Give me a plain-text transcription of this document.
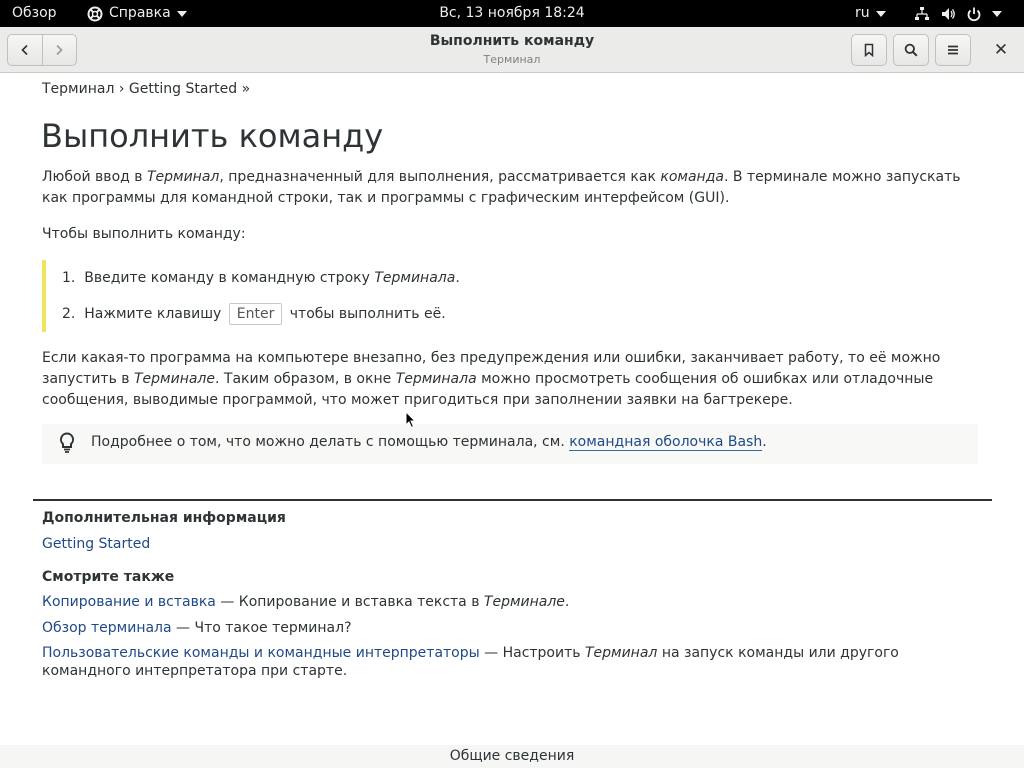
Обзор	Справка	Вс, 13 ноября 18:24	ru
Выполнить команду
Терминал	✕
Терминал › Getting Started »
Выполнить команду

Любой ввод в Терминал, предназначенный для выполнения, рассматривается как команда. В терминале можно запускать как программы для командной строки, так и программы с графическим интерфейсом (GUI).

Чтобы выполнить команду:

1. Введите команду в командную строку Терминала.
2. Нажмите клавишу Enter чтобы выполнить её.

Если какая-то программа на компьютере внезапно, без предупреждения или ошибки, заканчивает работу, то её можно запустить в Терминале. Таким образом, в окне Терминала можно просмотреть сообщения об ошибках или отладочные сообщения, выводимые программой, что может пригодиться при заполнении заявки на багтрекере.

Подробнее о том, что можно делать с помощью терминала, см. командная оболочка Bash.
Дополнительная информация
Getting Started
Смотрите также
Копирование и вставка — Копирование и вставка текста в Терминале.
Обзор терминала — Что такое терминал?
Пользовательские команды и командные интерпретаторы — Настроить Терминал на запуск команды или другого командного интерпретатора при старте.
Общие сведения
